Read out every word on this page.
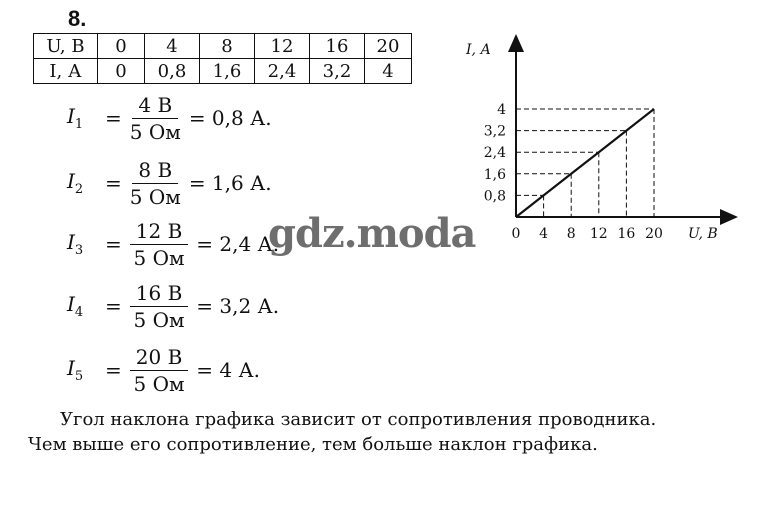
8.
U, В	0	4	8	12	16	20
I, А	0	0,8	1,6	2,4	3,2	4
$I_1$	= $\frac{4 В}{5 Ом} = 0,8$ А.
$I_2$	= $\frac{8 В}{5 Ом} = 1,6$ А.
$I_3$	= $\frac{12 В}{5 Ом} = 2,4$ А.
$I_4$	= $\frac{16 В}{5 Ом} = 3,2$ А.
$I_5$	= $\frac{20 В}{5 Ом} = 4$ А.
gdz.moda	0 4 8 12 16 20
0,8
1,6
2,4
3,2
4
I, А
U, В
Угол наклона графика зависит от сопротивления проводника.
Чем выше его сопротивление, тем больше наклон графика.
